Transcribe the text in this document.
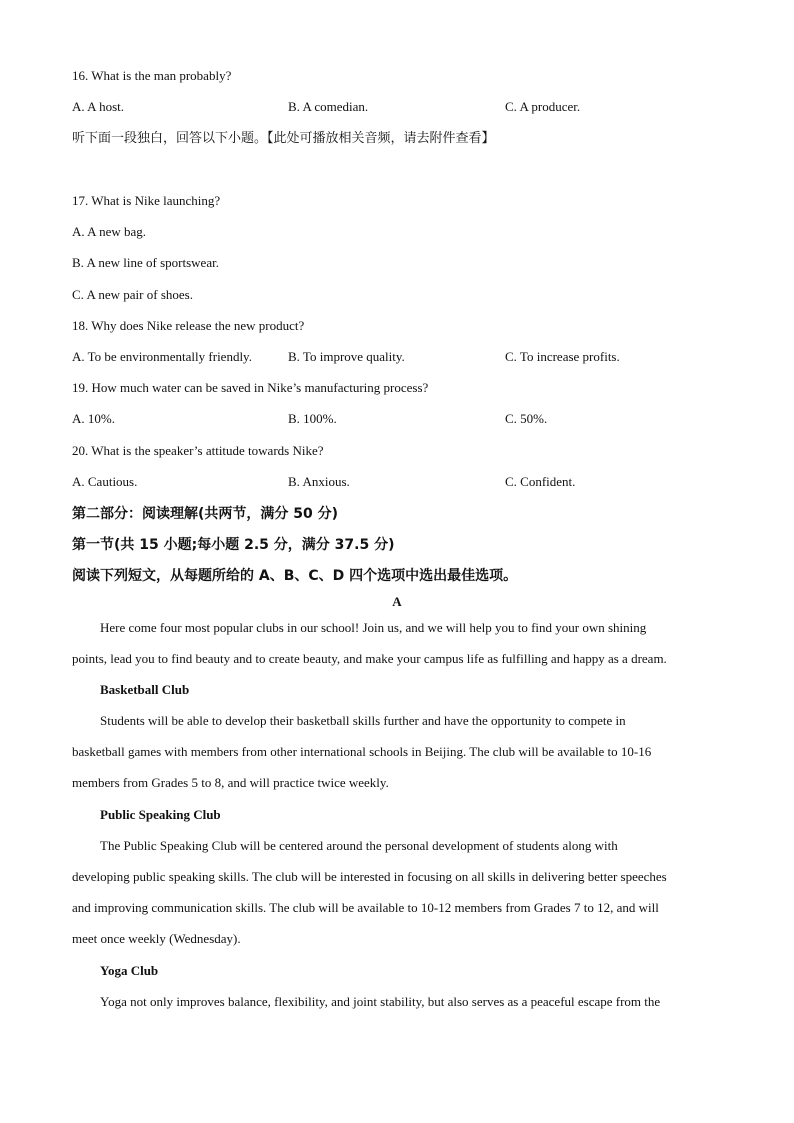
16. What is the man probably?
A. A host.	B. A comedian.	C. A producer.
听下面一段独白，回答以下小题。【此处可播放相关音频，请去附件查看】
17. What is Nike launching?
A. A new bag.
B. A new line of sportswear.
C. A new pair of shoes.
18. Why does Nike release the new product?
A. To be environmentally friendly.	B. To improve quality.	C. To increase profits.
19. How much water can be saved in Nike’s manufacturing process?
A. 10%.	B. 100%.	C. 50%.
20. What is the speaker’s attitude towards Nike?
A. Cautious.	B. Anxious.	C. Confident.
第二部分：阅读理解(共两节，满分 50 分)
第一节(共 15 小题;每小题 2.5 分，满分 37.5 分)
阅读下列短文，从每题所给的 A、B、C、D 四个选项中选出最佳选项。
A
Here come four most popular clubs in our school! Join us, and we will help you to find your own shining
points, lead you to find beauty and to create beauty, and make your campus life as fulfilling and happy as a dream.
Basketball Club
Students will be able to develop their basketball skills further and have the opportunity to compete in
basketball games with members from other international schools in Beijing. The club will be available to 10-16
members from Grades 5 to 8, and will practice twice weekly.
Public Speaking Club
The Public Speaking Club will be centered around the personal development of students along with
developing public speaking skills. The club will be interested in focusing on all skills in delivering better speeches
and improving communication skills. The club will be available to 10-12 members from Grades 7 to 12, and will
meet once weekly (Wednesday).
Yoga Club
Yoga not only improves balance, flexibility, and joint stability, but also serves as a peaceful escape from the
